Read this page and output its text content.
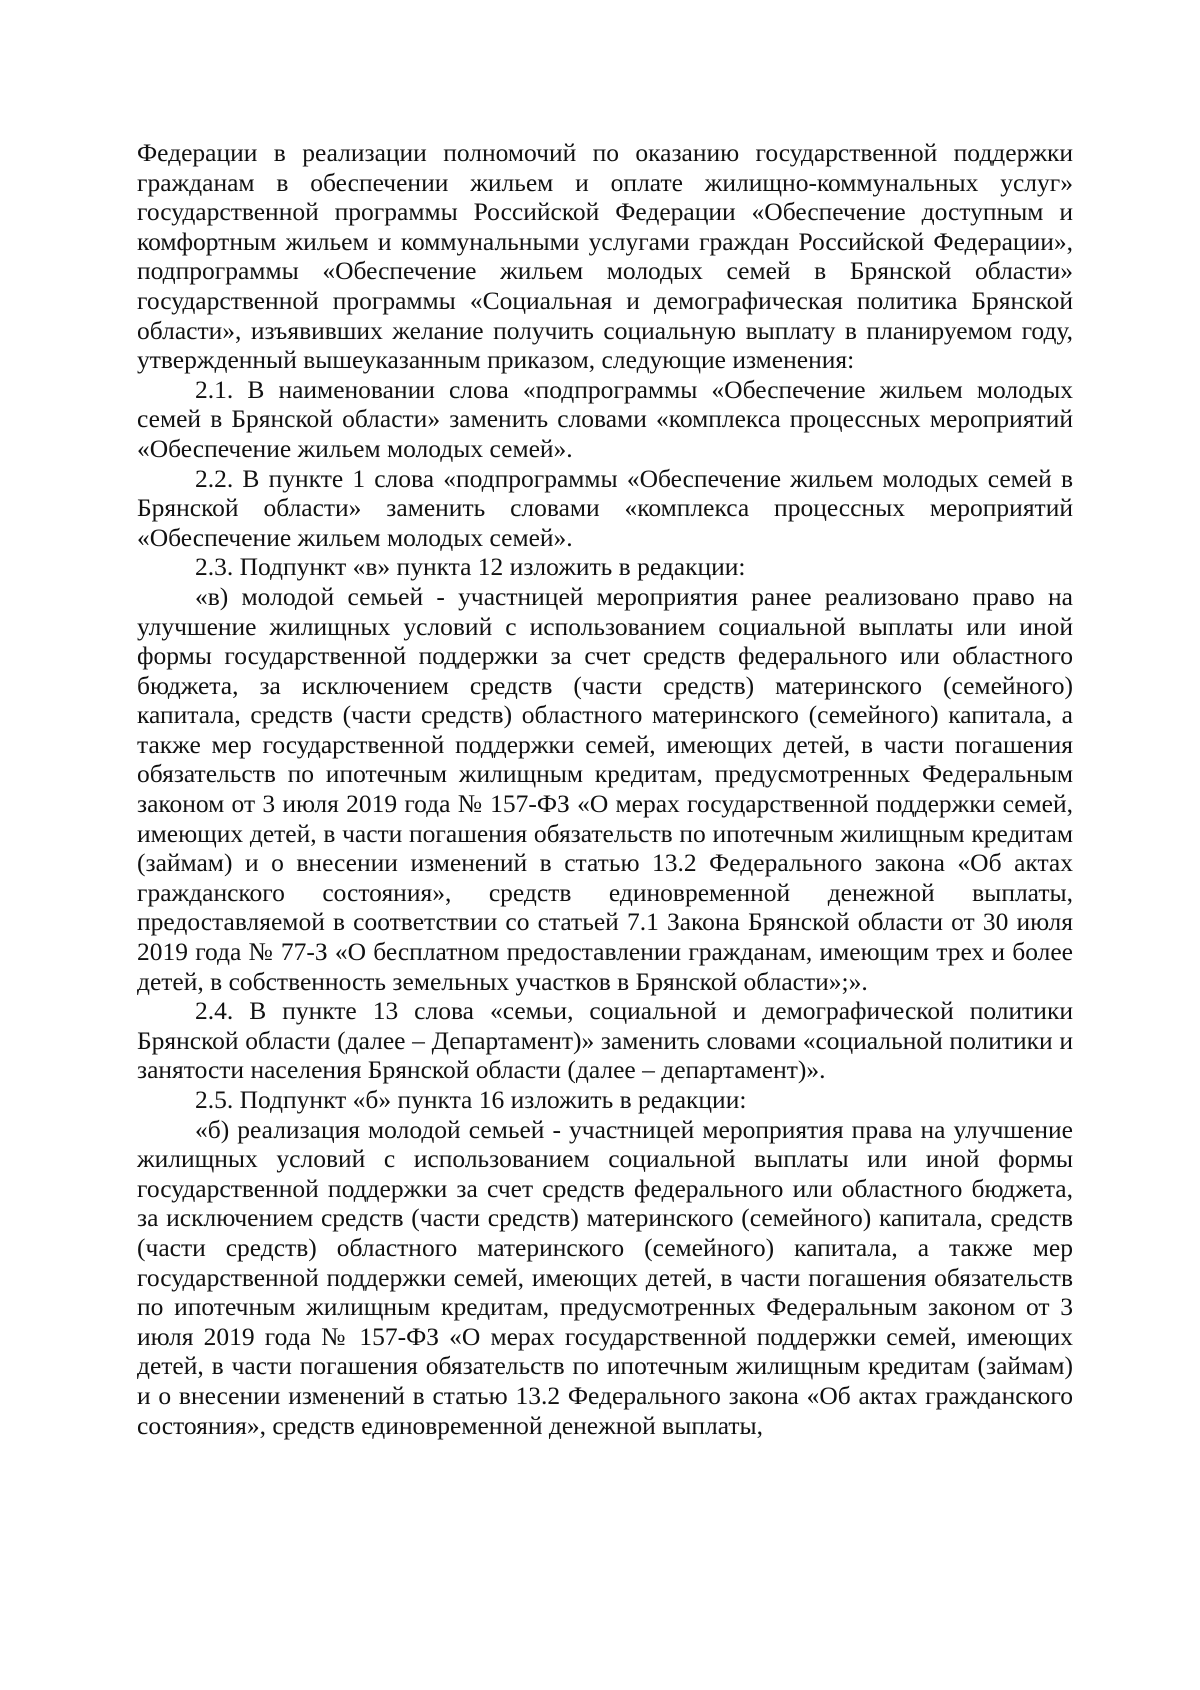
Федерации в реализации полномочий по оказанию государственной поддержки гражданам в обеспечении жильем и оплате жилищно-коммунальных услуг» государственной программы Российской Федерации «Обеспечение доступным и комфортным жильем и коммунальными услугами граждан Российской Федерации», подпрограммы «Обеспечение жильем молодых семей в Брянской области» государственной программы «Социальная и демографическая политика Брянской области», изъявивших желание получить социальную выплату в планируемом году, утвержденный вышеуказанным приказом, следующие изменения:

2.1. В наименовании слова «подпрограммы «Обеспечение жильем молодых семей в Брянской области» заменить словами «комплекса процессных мероприятий «Обеспечение жильем молодых семей».

2.2. В пункте 1 слова «подпрограммы «Обеспечение жильем молодых семей в Брянской области» заменить словами «комплекса процессных мероприятий «Обеспечение жильем молодых семей».

2.3. Подпункт «в» пункта 12 изложить в редакции:

«в) молодой семьей - участницей мероприятия ранее реализовано право на улучшение жилищных условий с использованием социальной выплаты или иной формы государственной поддержки за счет средств федерального или областного бюджета, за исключением средств (части средств) материнского (семейного) капитала, средств (части средств) областного материнского (семейного) капитала, а также мер государственной поддержки семей, имеющих детей, в части погашения обязательств по ипотечным жилищным кредитам, предусмотренных Федеральным законом от 3 июля 2019 года № 157-ФЗ «О мерах государственной поддержки семей, имеющих детей, в части погашения обязательств по ипотечным жилищным кредитам (займам) и о внесении изменений в статью 13.2 Федерального закона «Об актах гражданского состояния», средств единовременной денежной выплаты, предоставляемой в соответствии со статьей 7.1 Закона Брянской области от 30 июля 2019 года № 77-З «О бесплатном предоставлении гражданам, имеющим трех и более детей, в собственность земельных участков в Брянской области»;».

2.4. В пункте 13 слова «семьи, социальной и демографической политики Брянской области (далее – Департамент)» заменить словами «социальной политики и занятости населения Брянской области (далее – департамент)».

2.5. Подпункт «б» пункта 16 изложить в редакции:

«б) реализация молодой семьей - участницей мероприятия права на улучшение жилищных условий с использованием социальной выплаты или иной формы государственной поддержки за счет средств федерального или областного бюджета, за исключением средств (части средств) материнского (семейного) капитала, средств (части средств) областного материнского (семейного) капитала, а также мер государственной поддержки семей, имеющих детей, в части погашения обязательств по ипотечным жилищным кредитам, предусмотренных Федеральным законом от 3 июля 2019 года № 157-ФЗ «О мерах государственной поддержки семей, имеющих детей, в части погашения обязательств по ипотечным жилищным кредитам (займам) и о внесении изменений в статью 13.2 Федерального закона «Об актах гражданского состояния», средств единовременной денежной выплаты,
